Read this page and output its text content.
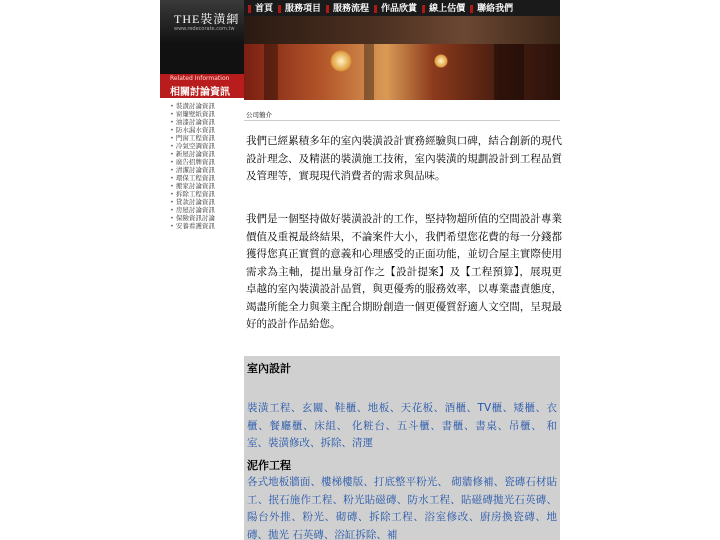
THE裝潢網
www.redecorate.com.tw
首頁	服務項目	服務流程	作品欣賞	線上估價	聯絡我們
Related Information
相關討論資訊
• 裝潢討論資訊
• 窗簾壁紙資訊
• 油漆討論資訊
• 防水漏水資訊
• 門窗工程資訊
• 冷氣空調資訊
• 新屋討論資訊
• 廣告招牌資訊
• 清潔討論資訊
• 環保工程資訊
• 搬家討論資訊
• 拆除工程資訊
• 貸款討論資訊
• 房屋討論資訊
• 保險資訊討論
• 安養看護資訊
公司簡介

我們已經累積多年的室內裝潢設計實務經驗與口碑，結合創新的現代設計理念、及精湛的裝潢施工技術，室內裝潢的規劃設計到工程品質及管理等，實現現代消費者的需求與品味。

我們是一個堅持做好裝潢設計的工作，堅持物超所值的空間設計專業價值及重視最終結果，不論案件大小，我們希望您花費的每一分錢都獲得您真正實質的意義和心理感受的正面功能，並切合屋主實際使用需求為主軸，提出量身訂作之【設計提案】及【工程預算】，展現更卓越的室內裝潢設計品質，與更優秀的服務效率，以專業盡責態度，竭盡所能全力與業主配合期盼創造一個更優質舒適人文空間，呈現最好的設計作品給您。

室內設計

裝潢工程、玄關、鞋櫃、地板、天花板、酒櫃、TV櫃、矮櫃、衣櫃、餐廳櫃、床組、 化粧台、五斗櫃、書櫃、書桌、吊櫃、 和室、裝潢修改、拆除、清運

泥作工程

各式地板牆面、樓梯樓版、打底整平粉光、 砌牆修補、瓷磚石材貼工、抿石施作工程、粉光貼磁磚、防水工程、貼磁磚拋光石英磚、陽台外推、粉光、砌磚、拆除工程、浴室修改、廚房換瓷磚、地磚、拋光 石英磚、浴缸拆除、補
